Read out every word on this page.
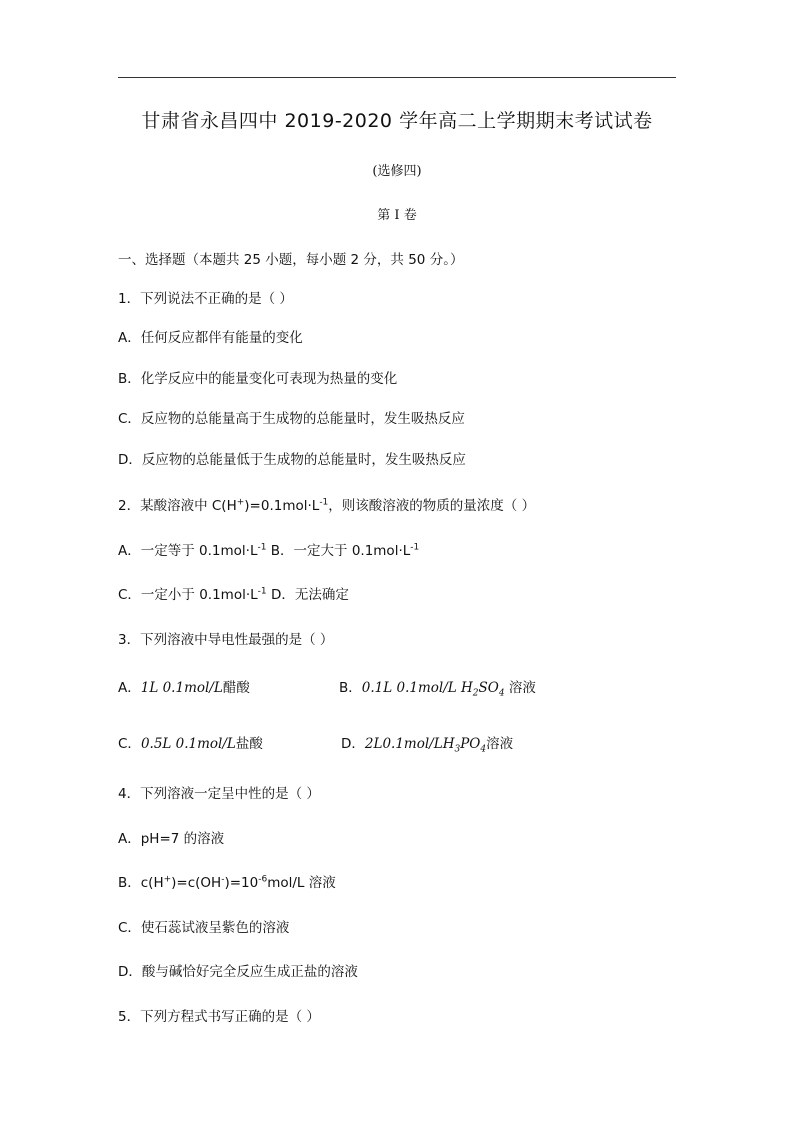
甘肃省永昌四中 2019-2020 学年高二上学期期末考试试卷
(选修四)
第 I 卷
一、选择题（本题共 25 小题，每小题 2 分，共 50 分。）
1．下列说法不正确的是（ ）
A．任何反应都伴有能量的变化
B．化学反应中的能量变化可表现为热量的变化
C．反应物的总能量高于生成物的总能量时，发生吸热反应
D．反应物的总能量低于生成物的总能量时，发生吸热反应
2．某酸溶液中 $C(H^+)=0.1mol\cdot L^{-1}$，则该酸溶液的物质的量浓度（ ）
A．一定等于 $0.1mol\cdot L^{-1}$ B．一定大于 $0.1mol\cdot L^{-1}$
C．一定小于 $0.1mol\cdot L^{-1}$ D．无法确定
3．下列溶液中导电性最强的是（ ）
A．1L 0.1mol/L醋酸	B．0.1L 0.1mol/L $H_2SO_4$ 溶液
C．0.5L 0.1mol/L盐酸	D．$2L0.1mol/LH_3PO_4$溶液
4．下列溶液一定呈中性的是（ ）
A．pH=7 的溶液
B．$c(H^+)=c(OH^-)=10^{-6}mol/L$ 溶液
C．使石蕊试液呈紫色的溶液
D．酸与碱恰好完全反应生成正盐的溶液
5．下列方程式书写正确的是（ ）
